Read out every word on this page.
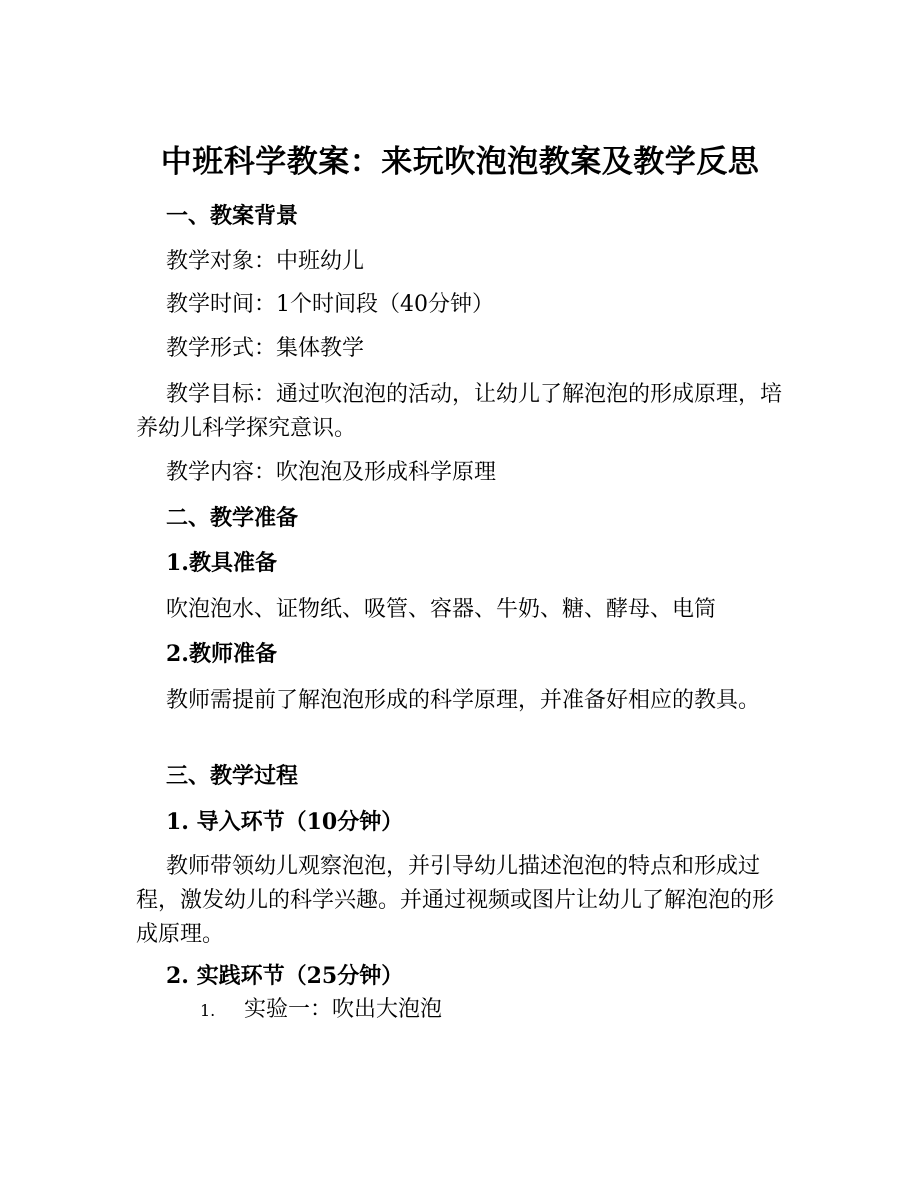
中班科学教案：来玩吹泡泡教案及教学反思
一、教案背景

教学对象：中班幼儿

教学时间：1个时间段（40分钟）

教学形式：集体教学

教学目标：通过吹泡泡的活动，让幼儿了解泡泡的形成原理，培养幼儿科学探究意识。

教学内容：吹泡泡及形成科学原理

二、教学准备
1.教具准备

吹泡泡水、证物纸、吸管、容器、牛奶、糖、酵母、电筒

2.教师准备

教师需提前了解泡泡形成的科学原理，并准备好相应的教具。

三、教学过程
1. 导入环节（10分钟）

教师带领幼儿观察泡泡，并引导幼儿描述泡泡的特点和形成过程，激发幼儿的科学兴趣。并通过视频或图片让幼儿了解泡泡的形成原理。

2. 实践环节（25分钟）

1. 实验一：吹出大泡泡
